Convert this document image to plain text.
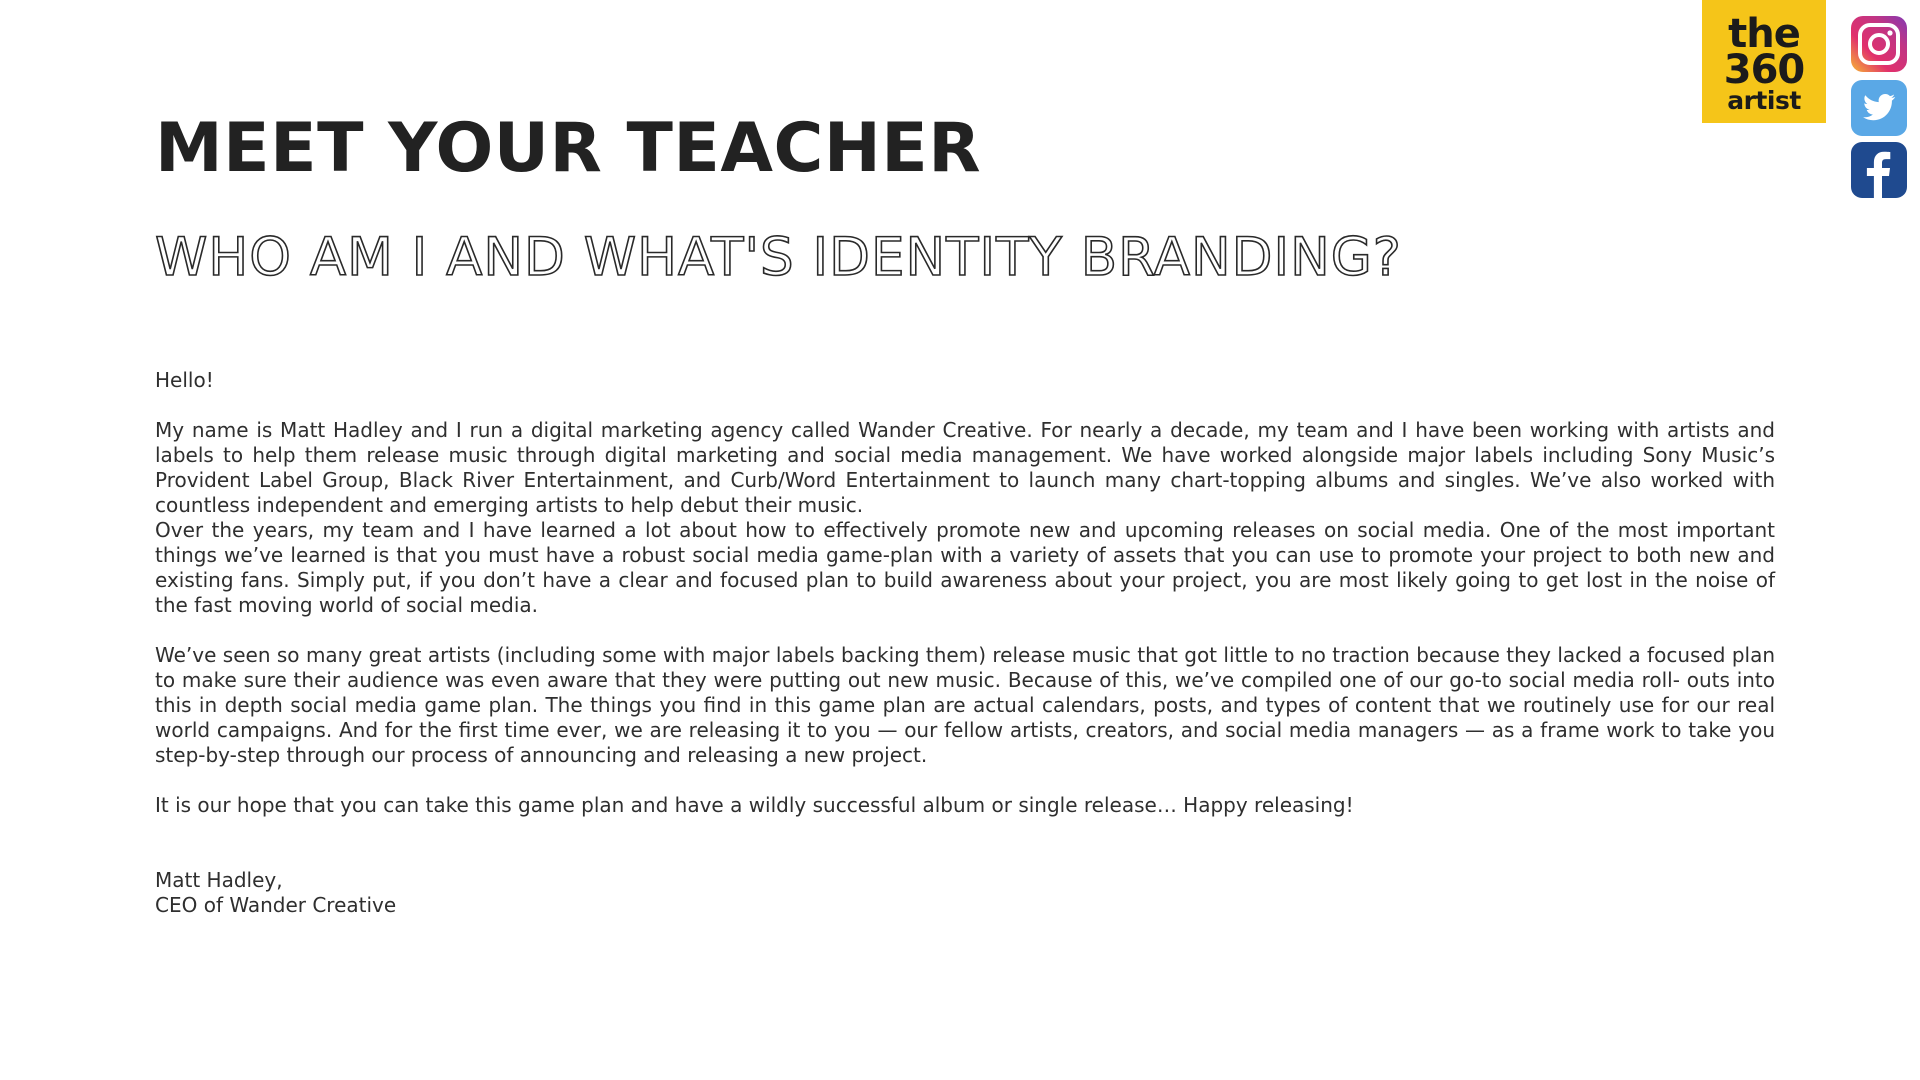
MEET YOUR TEACHER
WHO AM I AND WHAT'S IDENTITY BRANDING?
the
360
artist

Hello!

My name is Matt Hadley and I run a digital marketing agency called Wander Creative. For nearly a decade, my team and I have been working with artists and labels to help them release music through digital marketing and social media management. We have worked alongside major labels including Sony Music’s Provident Label Group, Black River Entertainment, and Curb/Word Entertainment to launch many chart-topping albums and singles. We’ve also worked with countless independent and emerging artists to help debut their music.

Over the years, my team and I have learned a lot about how to effectively promote new and upcoming releases on social media. One of the most important things we’ve learned is that you must have a robust social media game-plan with a variety of assets that you can use to promote your project to both new and existing fans. Simply put, if you don’t have a clear and focused plan to build awareness about your project, you are most likely going to get lost in the noise of the fast moving world of social media.

We’ve seen so many great artists (including some with major labels backing them) release music that got little to no traction because they lacked a focused plan to make sure their audience was even aware that they were putting out new music. Because of this, we’ve compiled one of our go-to social media roll- outs into this in depth social media game plan. The things you find in this game plan are actual calendars, posts, and types of content that we routinely use for our real world campaigns. And for the first time ever, we are releasing it to you — our fellow artists, creators, and social media managers — as a frame work to take you step-by-step through our process of announcing and releasing a new project.

It is our hope that you can take this game plan and have a wildly successful album or single release… Happy releasing!

Matt Hadley,

CEO of Wander Creative
